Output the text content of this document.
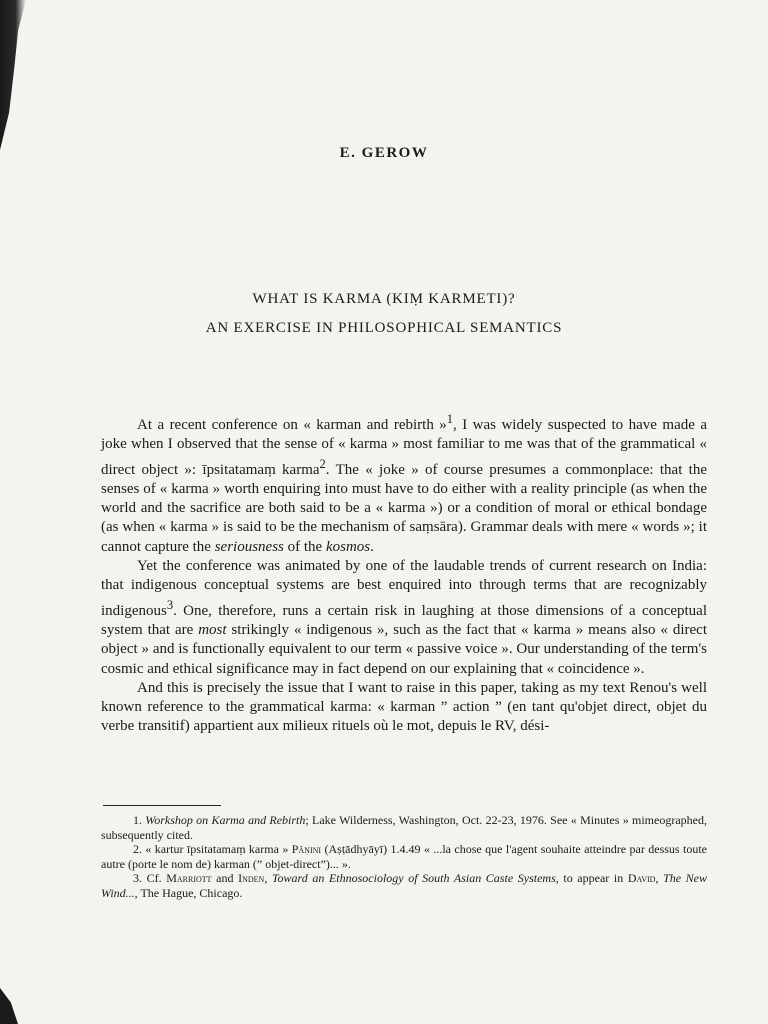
E. GEROW
WHAT IS KARMA (KIṂ KARMETI)?
AN EXERCISE IN PHILOSOPHICAL SEMANTICS

At a recent conference on « karman and rebirth »$^1$, I was widely suspected to have made a joke when I observed that the sense of « karma » most familiar to me was that of the grammatical « direct object »: īpsitatamaṃ karma$^2$. The « joke » of course presumes a commonplace: that the senses of « karma » worth enquiring into must have to do either with a reality principle (as when the world and the sacrifice are both said to be a « karma ») or a condition of moral or ethical bondage (as when « karma » is said to be the mechanism of saṃsāra). Grammar deals with mere « words »; it cannot capture the seriousness of the kosmos.

Yet the conference was animated by one of the laudable trends of current research on India: that indigenous conceptual systems are best enquired into through terms that are recognizably indigenous$^3$. One, therefore, runs a certain risk in laughing at those dimensions of a conceptual system that are most strikingly « indigenous », such as the fact that « karma » means also « direct object » and is functionally equivalent to our term « passive voice ». Our understanding of the term's cosmic and ethical significance may in fact depend on our explaining that « coincidence ».

And this is precisely the issue that I want to raise in this paper, taking as my text Renou's well known reference to the grammatical karma: « karman ” action ” (en tant qu'objet direct, objet du verbe transitif) appartient aux milieux rituels où le mot, depuis le RV, dési-

1. Workshop on Karma and Rebirth; Lake Wilderness, Washington, Oct. 22-23, 1976. See « Minutes » mimeographed, subsequently cited.

2. « kartur īpsitatamaṃ karma » Pāṇini (Aṣṭādhyāyī) 1.4.49 « ...la chose que l'agent souhaite atteindre par dessus toute autre (porte le nom de) karman (” objet-direct”)... ».

3. Cf. Marriott and Inden, Toward an Ethnosociology of South Asian Caste Systems, to appear in David, The New Wind..., The Hague, Chicago.
